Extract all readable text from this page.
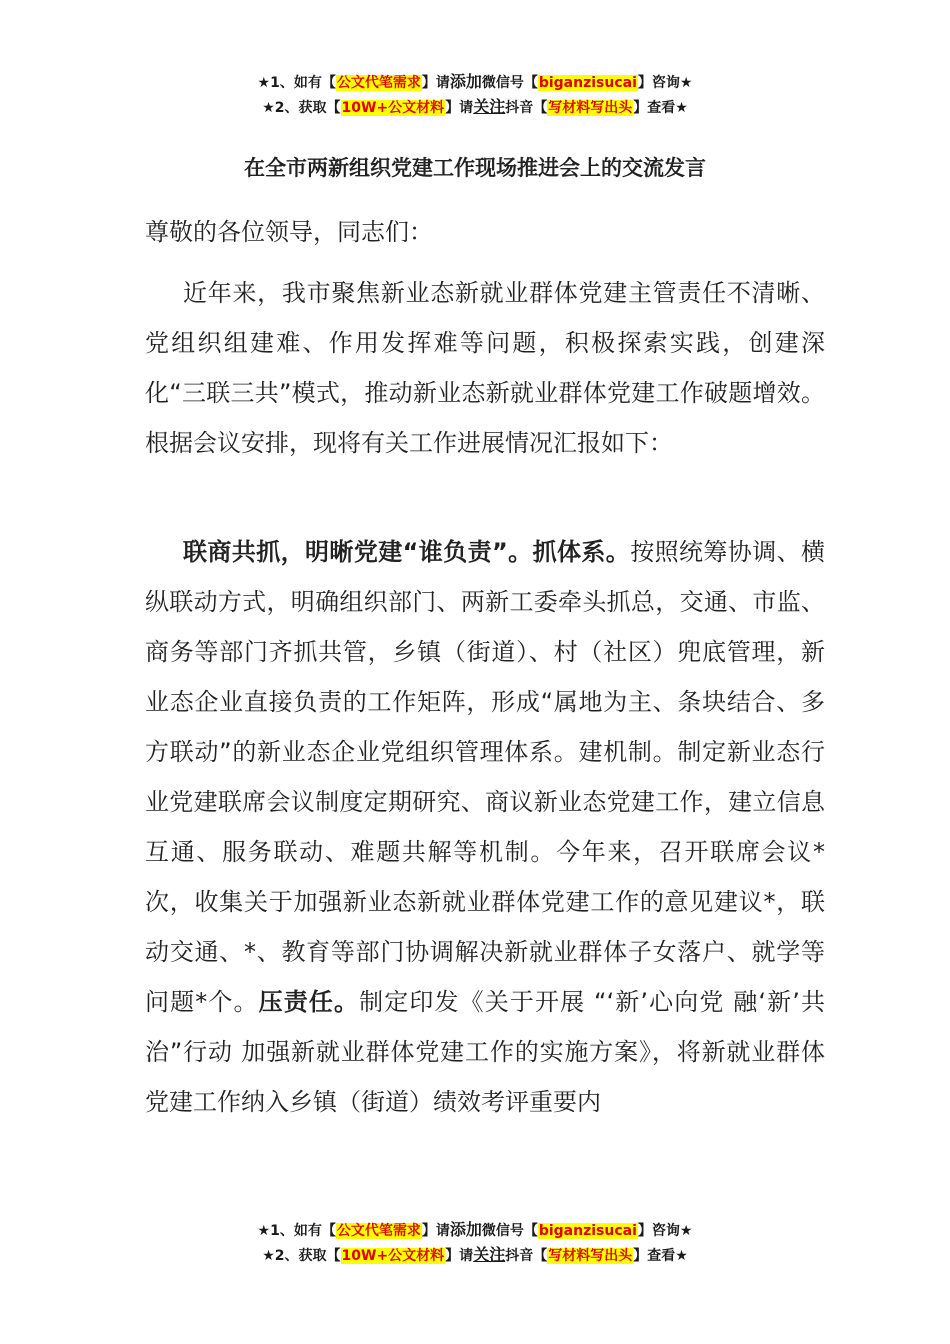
★1、如有【公文代笔需求】请添加微信号【biganzisucai】咨询★
★2、获取【10W+公文材料】请关注抖音【写材料写出头】查看★
在全市两新组织党建工作现场推进会上的交流发言
尊敬的各位领导，同志们：
近年来，我市聚焦新业态新就业群体党建主管责任不清晰、党组织组建难、作用发挥难等问题，积极探索实践，创建深化“三联三共”模式，推动新业态新就业群体党建工作破题增效。根据会议安排，现将有关工作进展情况汇报如下：
联商共抓，明晰党建“谁负责”。抓体系。按照统筹协调、横纵联动方式，明确组织部门、两新工委牵头抓总，交通、市监、商务等部门齐抓共管，乡镇（街道）、村（社区）兜底管理，新业态企业直接负责的工作矩阵，形成“属地为主、条块结合、多方联动”的新业态企业党组织管理体系。建机制。制定新业态行业党建联席会议制度定期研究、商议新业态党建工作，建立信息互通、服务联动、难题共解等机制。今年来，召开联席会议*次，收集关于加强新业态新就业群体党建工作的意见建议*，联动交通、*、教育等部门协调解决新就业群体子女落户、就学等问题*个。压责任。制定印发《关于开展 “‘新’心向党 融‘新’共治”行动 加强新就业群体党建工作的实施方案》，将新就业群体党建工作纳入乡镇（街道）绩效考评重要内
★1、如有【公文代笔需求】请添加微信号【biganzisucai】咨询★
★2、获取【10W+公文材料】请关注抖音【写材料写出头】查看★
